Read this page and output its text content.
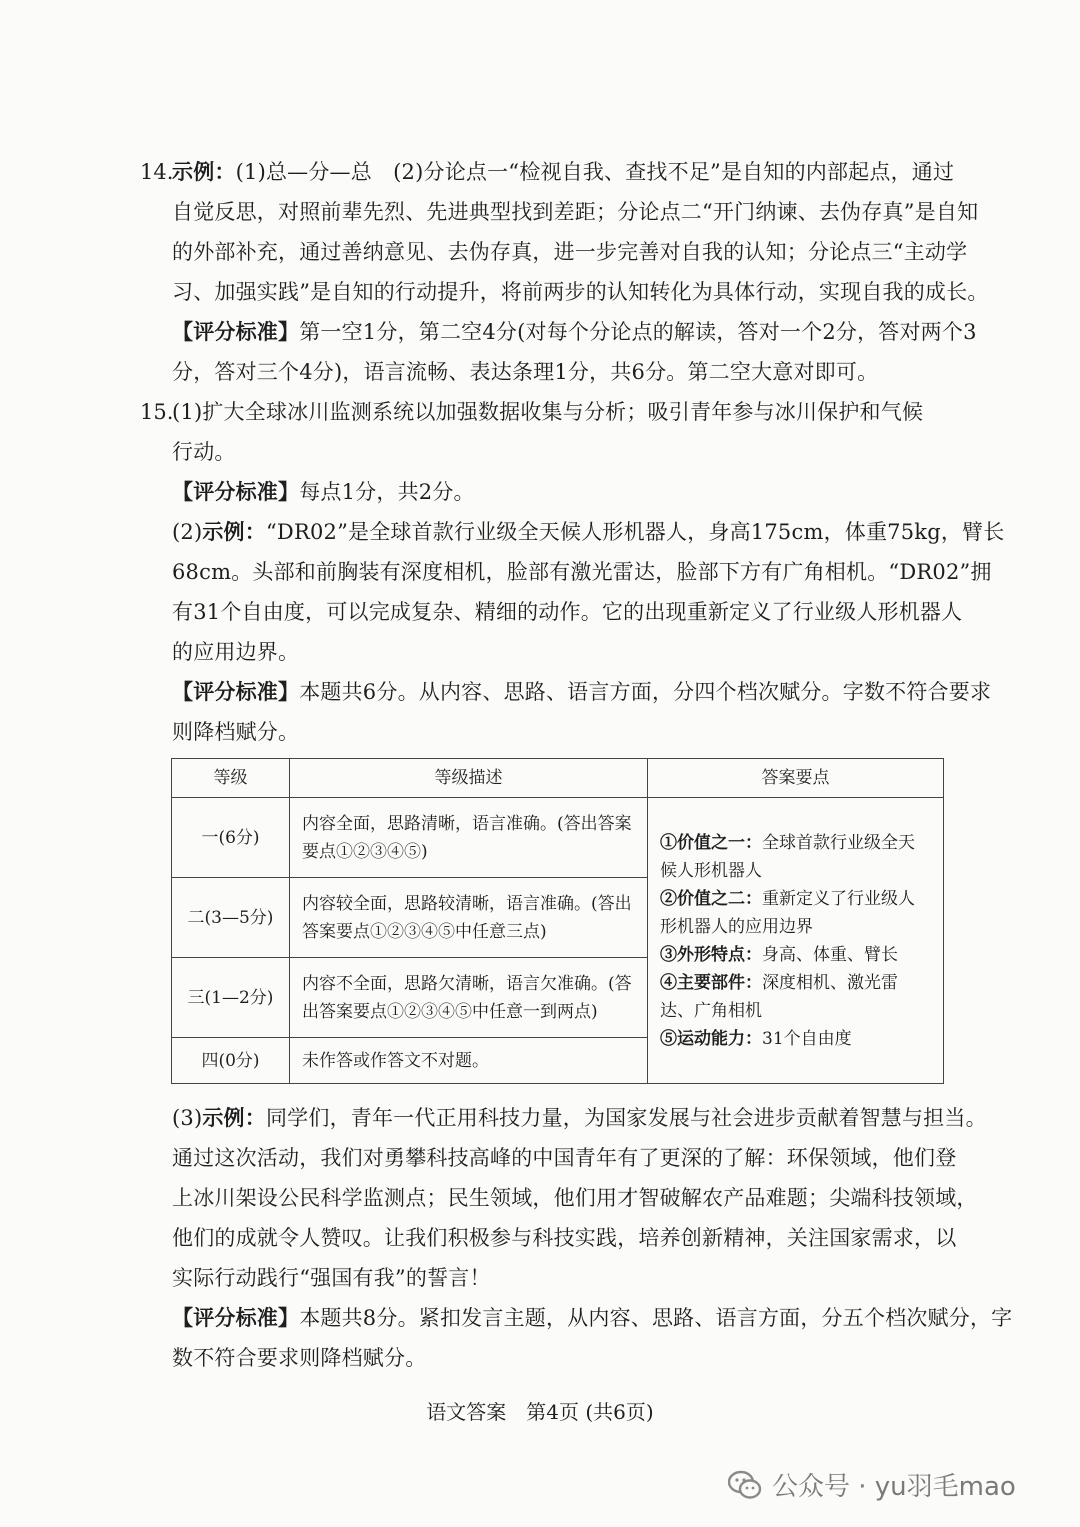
14.
示例：(1)总—分—总　(2)分论点一“检视自我、查找不足”是自知的内部起点，通过
自觉反思，对照前辈先烈、先进典型找到差距；分论点二“开门纳谏、去伪存真”是自知
的外部补充，通过善纳意见、去伪存真，进一步完善对自我的认知；分论点三“主动学
习、加强实践”是自知的行动提升，将前两步的认知转化为具体行动，实现自我的成长。
【评分标准】第一空1分，第二空4分(对每个分论点的解读，答对一个2分，答对两个3
分，答对三个4分)，语言流畅、表达条理1分，共6分。第二空大意对即可。
15.
(1)扩大全球冰川监测系统以加强数据收集与分析；吸引青年参与冰川保护和气候
行动。
【评分标准】每点1分，共2分。
(2)示例：“DR02”是全球首款行业级全天候人形机器人，身高175cm，体重75kg，臂长
68cm。头部和前胸装有深度相机，脸部有激光雷达，脸部下方有广角相机。“DR02”拥
有31个自由度，可以完成复杂、精细的动作。它的出现重新定义了行业级人形机器人
的应用边界。
【评分标准】本题共6分。从内容、思路、语言方面，分四个档次赋分。字数不符合要求
则降档赋分。
等级	等级描述	答案要点
一(6分)	内容全面，思路清晰，语言准确。(答出答案要点①②③④⑤)	①价值之一：全球首款行业级全天候人形机器人
②价值之二：重新定义了行业级人形机器人的应用边界
③外形特点：身高、体重、臂长
④主要部件：深度相机、激光雷达、广角相机
⑤运动能力：31个自由度

二(3—5分)	内容较全面，思路较清晰，语言准确。(答出答案要点①②③④⑤中任意三点)	
三(1—2分)	内容不全面，思路欠清晰，语言欠准确。(答出答案要点①②③④⑤中任意一到两点)	
四(0分)	未作答或作答文不对题。	
(3)示例：同学们，青年一代正用科技力量，为国家发展与社会进步贡献着智慧与担当。
通过这次活动，我们对勇攀科技高峰的中国青年有了更深的了解：环保领域，他们登
上冰川架设公民科学监测点；民生领域，他们用才智破解农产品难题；尖端科技领域，
他们的成就令人赞叹。让我们积极参与科技实践，培养创新精神，关注国家需求，以
实际行动践行“强国有我”的誓言！
【评分标准】本题共8分。紧扣发言主题，从内容、思路、语言方面，分五个档次赋分，字
数不符合要求则降档赋分。
语文答案　第4页 (共6页)
公众号 · yu羽毛mao
